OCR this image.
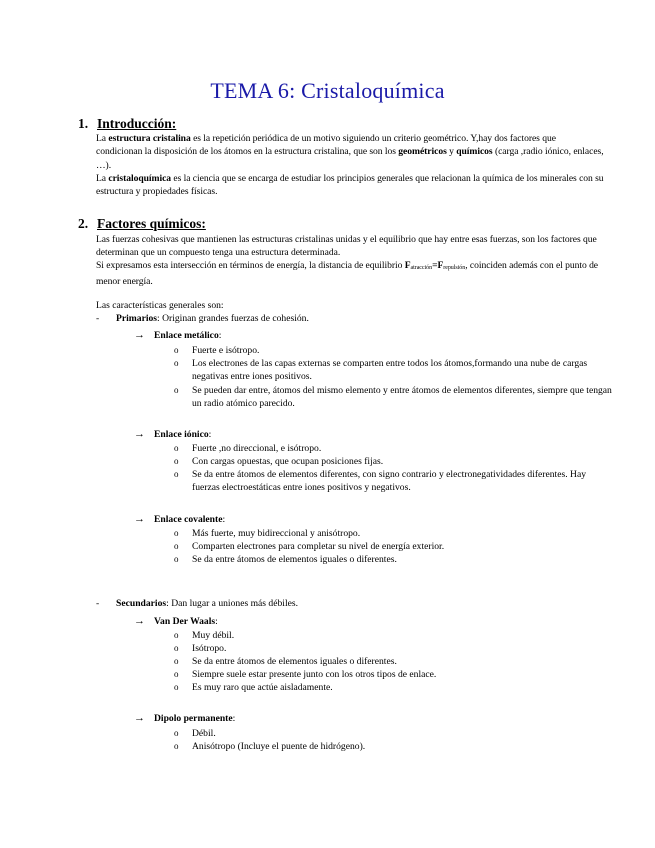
TEMA 6: Cristaloquímica
1. Introducción:

La estructura cristalina es la repetición periódica de un motivo siguiendo un criterio geométrico. Y,hay dos factores que condicionan la disposición de los átomos en la estructura cristalina, que son los geométricos y químicos (carga ,radio iónico, enlaces, …).

La cristaloquímica es la ciencia que se encarga de estudiar los principios generales que relacionan la química de los minerales con su estructura y propiedades físicas.

2. Factores químicos:

Las fuerzas cohesivas que mantienen las estructuras cristalinas unidas y el equilibrio que hay entre esas fuerzas, son los factores que determinan que un compuesto tenga una estructura determinada.

Si expresamos esta intersección en términos de energía, la distancia de equilibrio $F_{atracción}=F_{repulsión}$, coinciden además con el punto de menor energía.

Las características generales son:
- Primarios: Originan grandes fuerzas de cohesión.
→ Enlace metálico:
o Fuerte e isótropo.
o Los electrones de las capas externas se comparten entre todos los átomos,formando una nube de cargas negativas entre iones positivos.
o Se pueden dar entre, átomos del mismo elemento y entre átomos de elementos diferentes, siempre que tengan un radio atómico parecido.
→ Enlace iónico:
o Fuerte ,no direccional, e isótropo.
o Con cargas opuestas, que ocupan posiciones fijas.
o Se da entre átomos de elementos diferentes, con signo contrario y electronegatividades diferentes. Hay fuerzas electroestáticas entre iones positivos y negativos.
→ Enlace covalente:
o Más fuerte, muy bidireccional y anisótropo.
o Comparten electrones para completar su nivel de energía exterior.
o Se da entre átomos de elementos iguales o diferentes.
- Secundarios: Dan lugar a uniones más débiles.
→ Van Der Waals:
o Muy débil.
o Isótropo.
o Se da entre átomos de elementos iguales o diferentes.
o Siempre suele estar presente junto con los otros tipos de enlace.
o Es muy raro que actúe aisladamente.
→ Dipolo permanente:
o Débil.
o Anisótropo (Incluye el puente de hidrógeno).
